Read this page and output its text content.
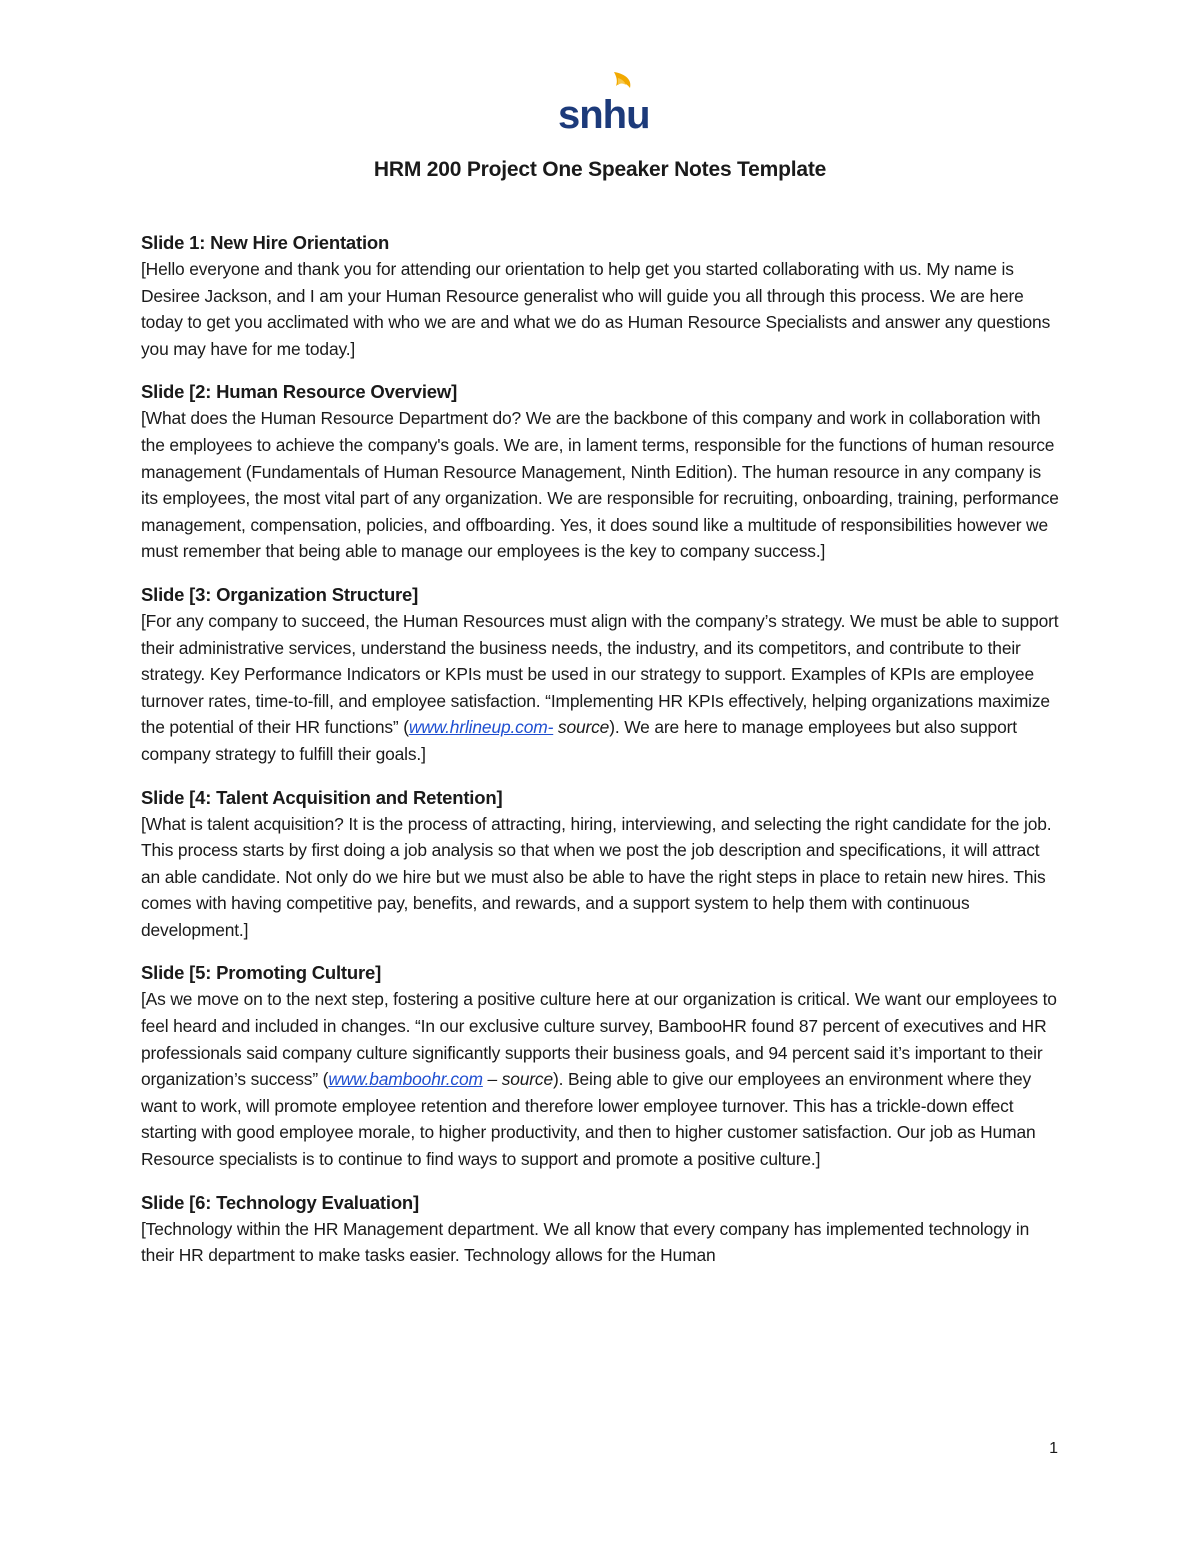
snhu
HRM 200 Project One Speaker Notes Template
Slide 1: New Hire Orientation

[Hello everyone and thank you for attending our orientation to help get you started collaborating with us. My name is Desiree Jackson, and I am your Human Resource generalist who will guide you all through this process. We are here today to get you acclimated with who we are and what we do as Human Resource Specialists and answer any questions you may have for me today.]

Slide [2: Human Resource Overview]

[What does the Human Resource Department do? We are the backbone of this company and work in collaboration with the employees to achieve the company's goals. We are, in lament terms, responsible for the functions of human resource management (Fundamentals of Human Resource Management, Ninth Edition). The human resource in any company is its employees, the most vital part of any organization. We are responsible for recruiting, onboarding, training, performance management, compensation, policies, and offboarding. Yes, it does sound like a multitude of responsibilities however we must remember that being able to manage our employees is the key to company success.]

Slide [3: Organization Structure]

[For any company to succeed, the Human Resources must align with the company’s strategy. We must be able to support their administrative services, understand the business needs, the industry, and its competitors, and contribute to their strategy. Key Performance Indicators or KPIs must be used in our strategy to support. Examples of KPIs are employee turnover rates, time-to-fill, and employee satisfaction. “Implementing HR KPIs effectively, helping organizations maximize the potential of their HR functions” (www.hrlineup.com- source). We are here to manage employees but also support company strategy to fulfill their goals.]

Slide [4: Talent Acquisition and Retention]

[What is talent acquisition? It is the process of attracting, hiring, interviewing, and selecting the right candidate for the job. This process starts by first doing a job analysis so that when we post the job description and specifications, it will attract an able candidate. Not only do we hire but we must also be able to have the right steps in place to retain new hires. This comes with having competitive pay, benefits, and rewards, and a support system to help them with continuous development.]

Slide [5: Promoting Culture]

[As we move on to the next step, fostering a positive culture here at our organization is critical. We want our employees to feel heard and included in changes. “In our exclusive culture survey, BambooHR found 87 percent of executives and HR professionals said company culture significantly supports their business goals, and 94 percent said it’s important to their organization’s success” (www.bamboohr.com – source). Being able to give our employees an environment where they want to work, will promote employee retention and therefore lower employee turnover. This has a trickle-down effect starting with good employee morale, to higher productivity, and then to higher customer satisfaction. Our job as Human Resource specialists is to continue to find ways to support and promote a positive culture.]

Slide [6: Technology Evaluation]

[Technology within the HR Management department. We all know that every company has implemented technology in their HR department to make tasks easier. Technology allows for the Human

1
